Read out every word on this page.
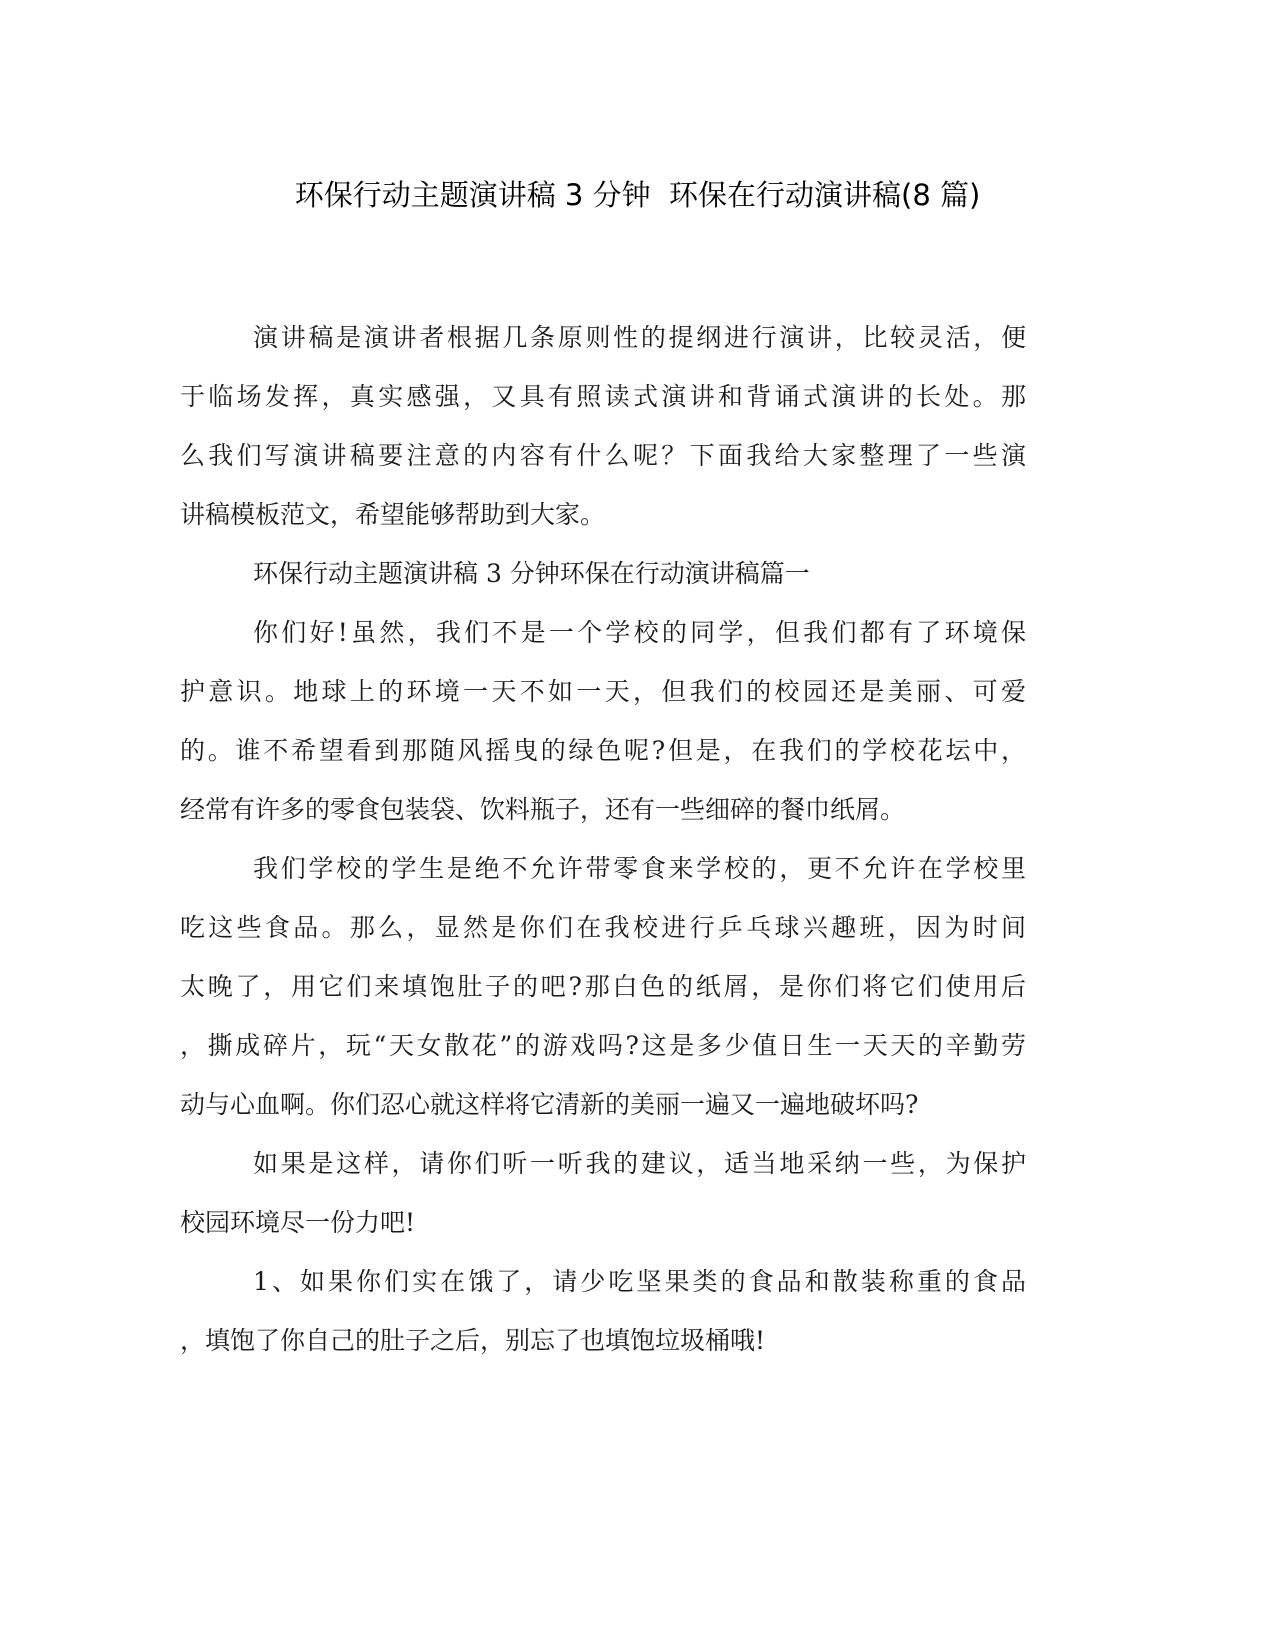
环保行动主题演讲稿 3 分钟  环保在行动演讲稿(8 篇)
演讲稿是演讲者根据几条原则性的提纲进行演讲，比较灵活，便
于临场发挥，真实感强，又具有照读式演讲和背诵式演讲的长处。那
么我们写演讲稿要注意的内容有什么呢？下面我给大家整理了一些演
讲稿模板范文，希望能够帮助到大家。
环保行动主题演讲稿 3 分钟环保在行动演讲稿篇一
你们好!虽然，我们不是一个学校的同学，但我们都有了环境保
护意识。地球上的环境一天不如一天，但我们的校园还是美丽、可爱
的。谁不希望看到那随风摇曳的绿色呢?但是，在我们的学校花坛中，
经常有许多的零食包装袋、饮料瓶子，还有一些细碎的餐巾纸屑。
我们学校的学生是绝不允许带零食来学校的，更不允许在学校里
吃这些食品。那么，显然是你们在我校进行乒乓球兴趣班，因为时间
太晚了，用它们来填饱肚子的吧?那白色的纸屑，是你们将它们使用后
，撕成碎片，玩“天女散花”的游戏吗?这是多少值日生一天天的辛勤劳
动与心血啊。你们忍心就这样将它清新的美丽一遍又一遍地破坏吗?
如果是这样，请你们听一听我的建议，适当地采纳一些，为保护
校园环境尽一份力吧!
1、如果你们实在饿了，请少吃坚果类的食品和散装称重的食品
，填饱了你自己的肚子之后，别忘了也填饱垃圾桶哦!
